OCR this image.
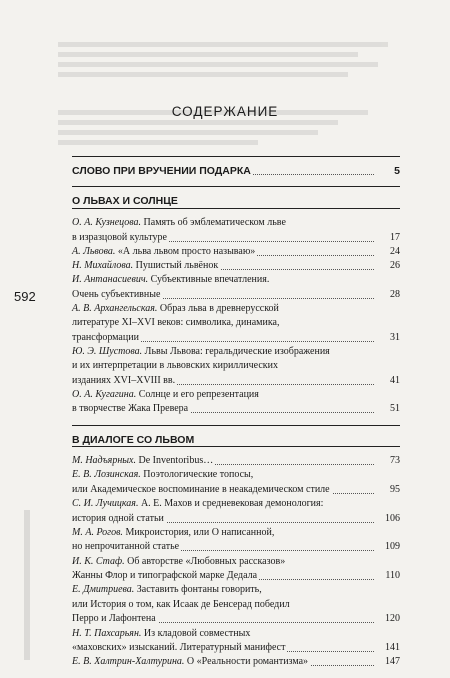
592
СОДЕРЖАНИЕ
СЛОВО ПРИ ВРУЧЕНИИ ПОДАРКА	5
О ЛЬВАХ И СОЛНЦЕ
О. А. Кузнецова. Память об эмблематическом льве
в изразцовой культуре	17
А. Львова. «А льва львом просто называю»	24
Н. Михайлова. Пушистый львёнок	26
И. Антанасиевич. Субъективные впечатления.
Очень субъективные	28
А. В. Архангельская. Образ льва в древнерусской
литературе XI–XVI веков: символика, динамика,
трансформации	31
Ю. Э. Шустова. Львы Львова: геральдические изображения
и их интерпретации в львовских кириллических
изданиях XVI–XVIII вв.	41
О. А. Кугагина. Солнце и его репрезентация
в творчестве Жака Превера	51
В ДИАЛОГЕ СО ЛЬВОМ
М. Надъярных. De Inventoribus…	73
Е. В. Лозинская. Поэтологические топосы,
или Академическое воспоминание в неакадемическом стиле	95
С. И. Лучицкая. А. Е. Махов и средневековая демонология:
история одной статьи	106
М. А. Рогов. Микроистория, или О написанной,
но непрочитанной статье	109
И. К. Стаф. Об авторстве «Любовных рассказов»
Жанны Флор и типографской марке Дедала	110
Е. Дмитриева. Заставить фонтаны говорить,
или История о том, как Исаак де Бенсерад победил
Перро и Лафонтена	120
Н. Т. Пахсарьян. Из кладовой совместных
«маховских» изысканий. Литературный манифест	141
Е. В. Халтрин-Халтурина. О «Реальности романтизма»	147
